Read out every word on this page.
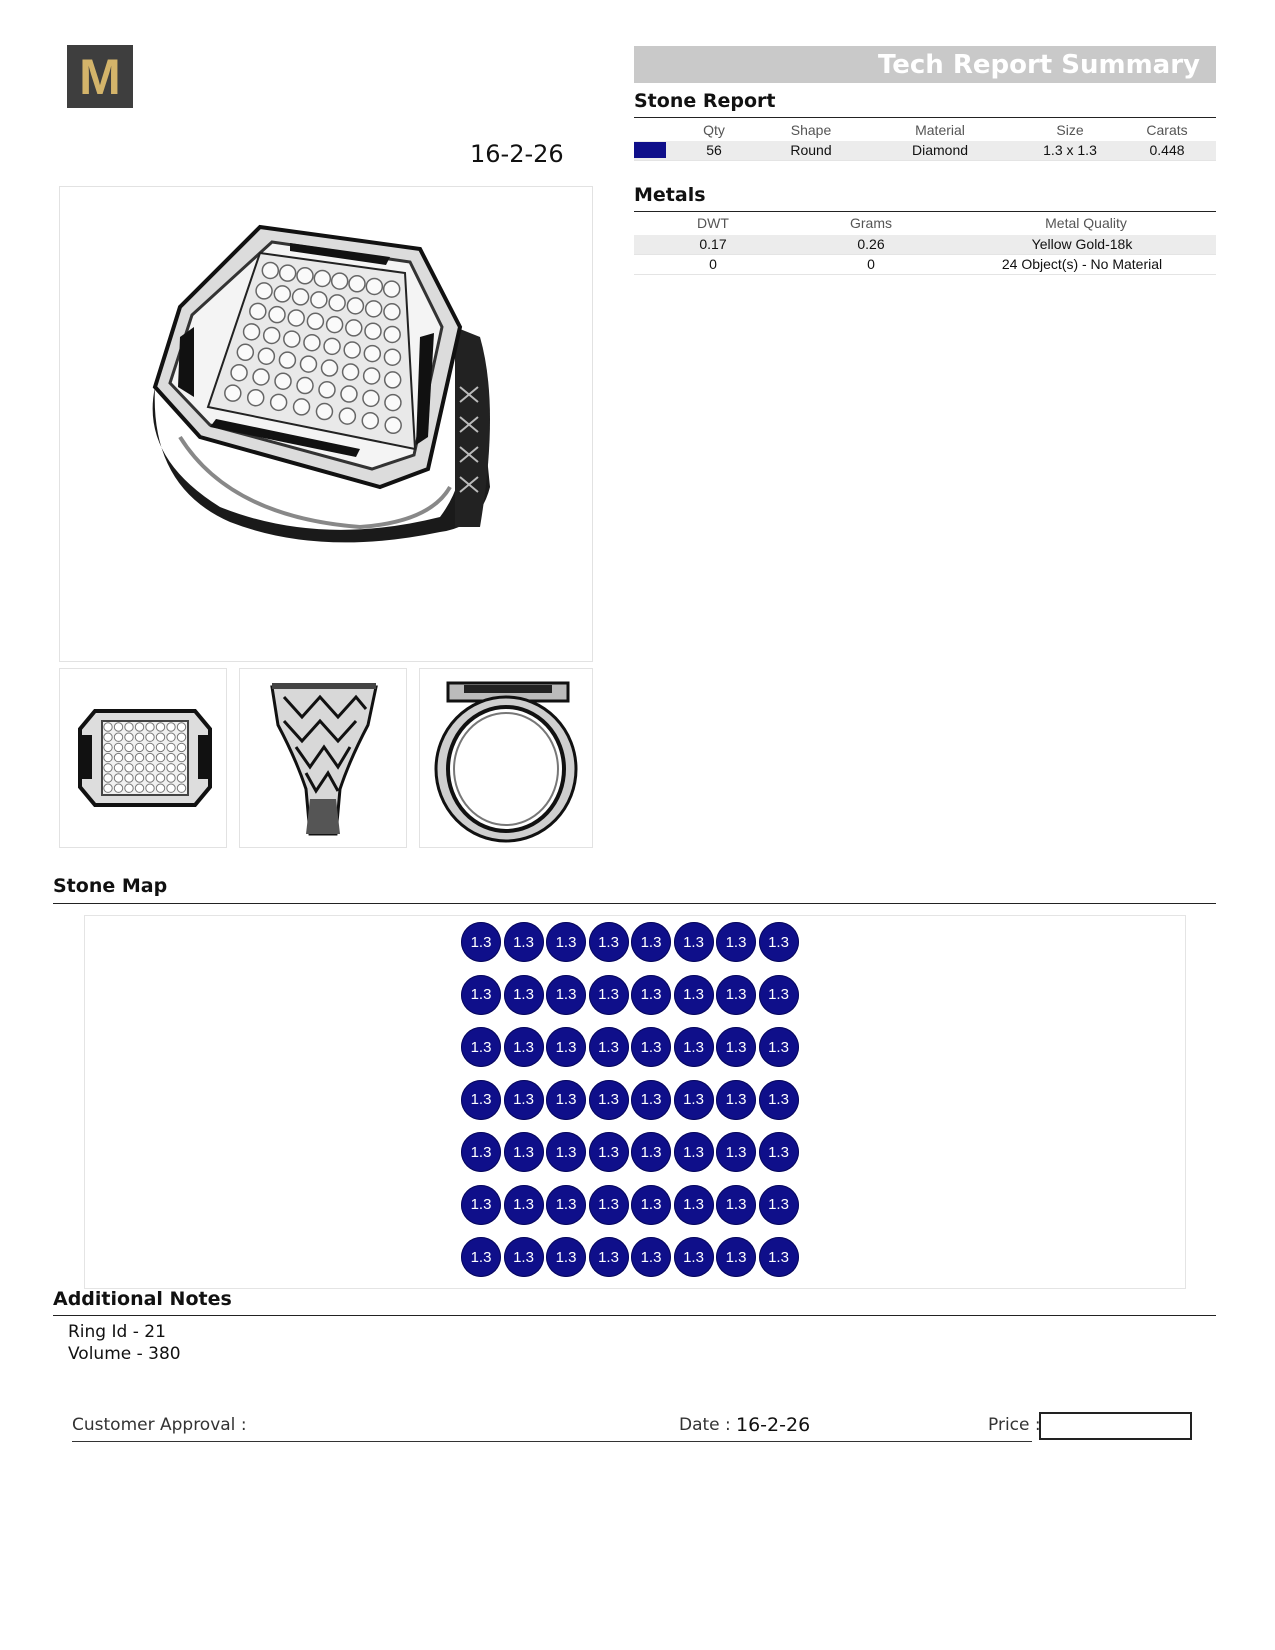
M
16-2-26
Tech Report Summary
Stone Report
Qty	Shape	Material	Size	Carats
56	Round	Diamond	1.3 x 1.3	0.448
Metals
DWT	Grams	Metal Quality
0.17	0.26	Yellow Gold-18k
0	0	24 Object(s) - No Material
Stone Map
1.3	1.3	1.3	1.3	1.3	1.3	1.3	1.3
1.3	1.3	1.3	1.3	1.3	1.3	1.3	1.3
1.3	1.3	1.3	1.3	1.3	1.3	1.3	1.3
1.3	1.3	1.3	1.3	1.3	1.3	1.3	1.3
1.3	1.3	1.3	1.3	1.3	1.3	1.3	1.3
1.3	1.3	1.3	1.3	1.3	1.3	1.3	1.3
1.3	1.3	1.3	1.3	1.3	1.3	1.3	1.3
Additional Notes
Ring Id - 21
Volume - 380
Customer Approval :	Date : 16-2-26	Price :
